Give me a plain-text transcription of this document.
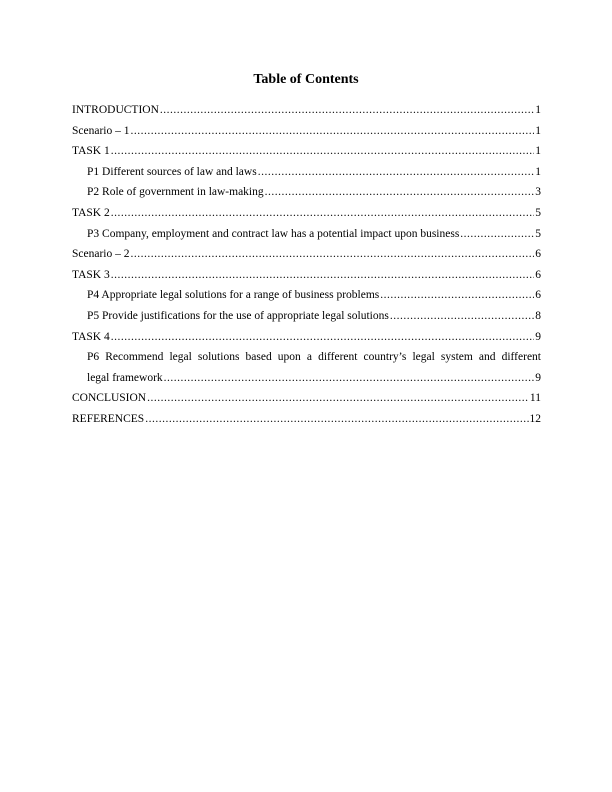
Table of Contents
INTRODUCTION .....	1
Scenario – 1 .....	1
TASK 1 .....	1
P1 Different sources of law and laws .....	1
P2 Role of government in law-making .....	3
TASK 2 .....	5
P3 Company, employment and contract law has a potential impact upon business .....	5
Scenario – 2 .....	6
TASK 3 .....	6
P4 Appropriate legal solutions for a range of business problems .....	6
P5 Provide justifications for the use of appropriate legal solutions .....	8
TASK 4 .....	9
P6 Recommend legal solutions based upon a different country’s legal system and different
legal framework .....	9
CONCLUSION .....	11
REFERENCES .....	12
